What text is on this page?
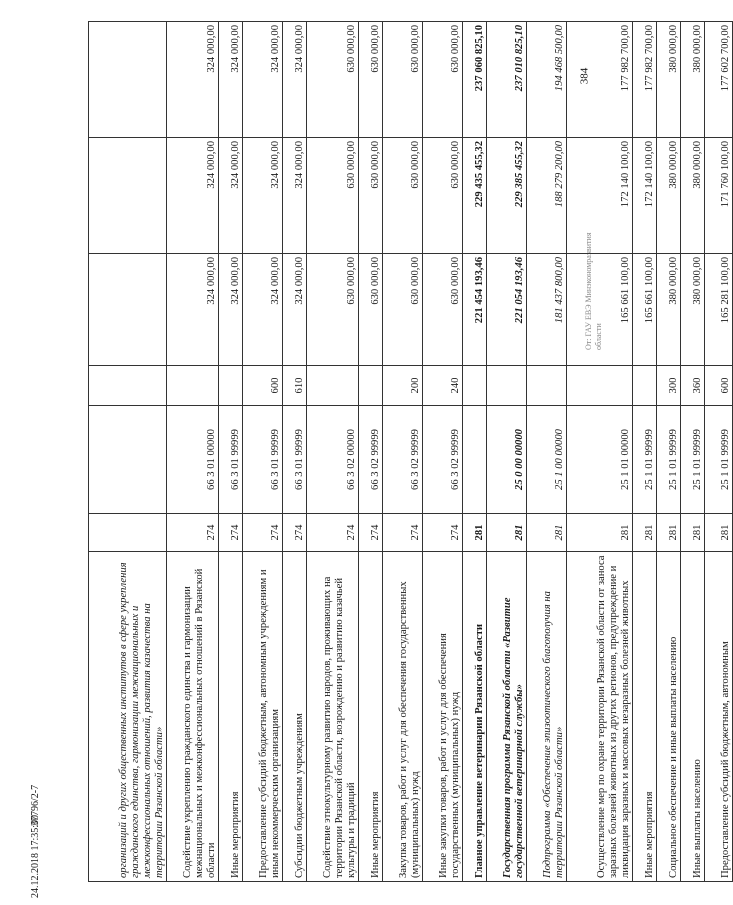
384
От: ГАУ ЕВЭ Минэкономразвития области
организаций и других общественных институтов в сфере укрепления гражданского единства, гармонизации межнациональных и межконфессиональных отношений, развития казачества на территории Рязанской области»						
Содействие укреплению гражданского единства и гармонизации межнациональных и межконфессиональных отношений в Рязанской области	274	66 3 01 00000		324 000,00	324 000,00	324 000,00
Иные мероприятия	274	66 3 01 99999		324 000,00	324 000,00	324 000,00
Предоставление субсидий бюджетным, автономным учреждениям и иным некоммерческим организациям	274	66 3 01 99999	600	324 000,00	324 000,00	324 000,00
Субсидии бюджетным учреждениям	274	66 3 01 99999	610	324 000,00	324 000,00	324 000,00
Содействие этнокультурному развитию народов, проживающих на территории Рязанской области, возрождению и развитию казачьей культуры и традиций	274	66 3 02 00000		630 000,00	630 000,00	630 000,00
Иные мероприятия	274	66 3 02 99999		630 000,00	630 000,00	630 000,00
Закупка товаров, работ и услуг для обеспечения государственных (муниципальных) нужд	274	66 3 02 99999	200	630 000,00	630 000,00	630 000,00
Иные закупки товаров, работ и услуг для обеспечения государственных (муниципальных) нужд	274	66 3 02 99999	240	630 000,00	630 000,00	630 000,00
Главное управление ветеринарии Рязанской области	281			221 454 193,46	229 435 455,32	237 060 825,10
Государственная программа Рязанской области «Развитие государственной ветеринарной службы»	281	25 0 00 00000		221 054 193,46	229 385 455,32	237 010 825,10
Подпрограмма «Обеспечение эпизоотического благополучия на территории Рязанской области»	281	25 1 00 00000		181 437 800,00	188 279 200,00	194 468 500,00
Осуществление мер по охране территории Рязанской области от заноса заразных болезней животных из других регионов, предупреждение и ликвидация заразных и массовых незаразных болезней животных	281	25 1 01 00000		165 661 100,00	172 140 100,00	177 982 700,00
Иные мероприятия	281	25 1 01 99999		165 661 100,00	172 140 100,00	177 982 700,00
Социальное обеспечение и иные выплаты населению	281	25 1 01 99999	300	380 000,00	380 000,00	380 000,00
Иные выплаты населению	281	25 1 01 99999	360	380 000,00	380 000,00	380 000,00
Предоставление субсидий бюджетным, автономным	281	25 1 01 99999	600	165 281 100,00	171 760 100,00	177 602 700,00
24.12.2018 17:35:00
37796/2-7
